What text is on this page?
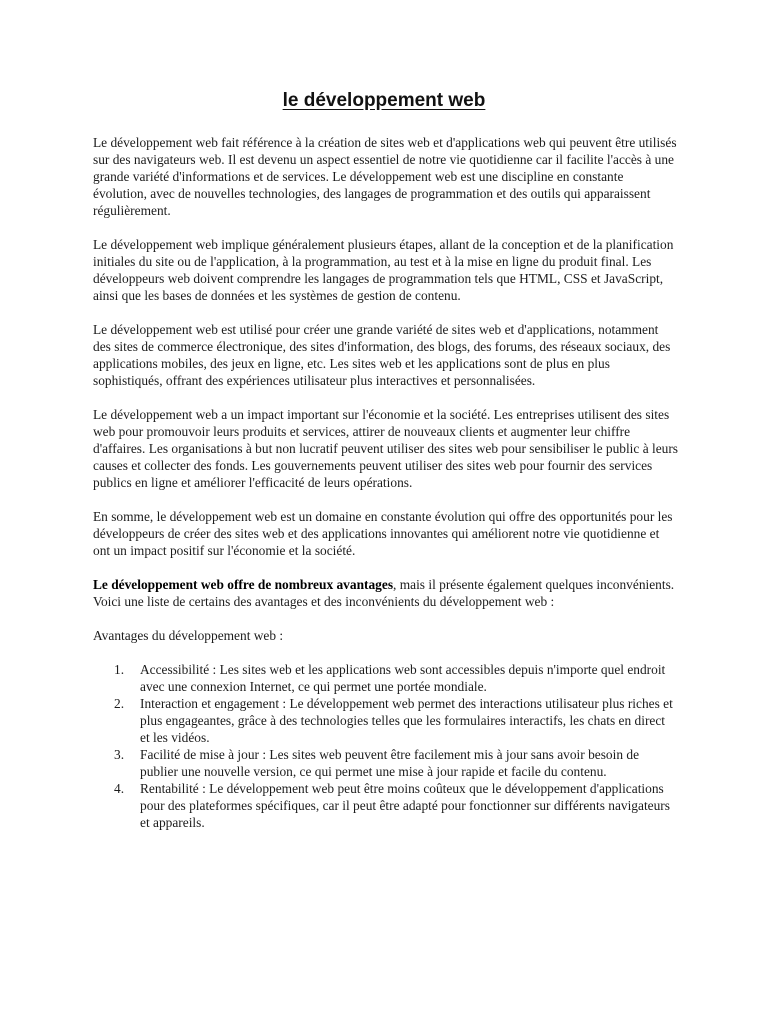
le développement web

Le développement web fait référence à la création de sites web et d'applications web qui peuvent être utilisés sur des navigateurs web. Il est devenu un aspect essentiel de notre vie quotidienne car il facilite l'accès à une grande variété d'informations et de services. Le développement web est une discipline en constante évolution, avec de nouvelles technologies, des langages de programmation et des outils qui apparaissent régulièrement.

Le développement web implique généralement plusieurs étapes, allant de la conception et de la planification initiales du site ou de l'application, à la programmation, au test et à la mise en ligne du produit final. Les développeurs web doivent comprendre les langages de programmation tels que HTML, CSS et JavaScript, ainsi que les bases de données et les systèmes de gestion de contenu.

Le développement web est utilisé pour créer une grande variété de sites web et d'applications, notamment des sites de commerce électronique, des sites d'information, des blogs, des forums, des réseaux sociaux, des applications mobiles, des jeux en ligne, etc. Les sites web et les applications sont de plus en plus sophistiqués, offrant des expériences utilisateur plus interactives et personnalisées.

Le développement web a un impact important sur l'économie et la société. Les entreprises utilisent des sites web pour promouvoir leurs produits et services, attirer de nouveaux clients et augmenter leur chiffre d'affaires. Les organisations à but non lucratif peuvent utiliser des sites web pour sensibiliser le public à leurs causes et collecter des fonds. Les gouvernements peuvent utiliser des sites web pour fournir des services publics en ligne et améliorer l'efficacité de leurs opérations.

En somme, le développement web est un domaine en constante évolution qui offre des opportunités pour les développeurs de créer des sites web et des applications innovantes qui améliorent notre vie quotidienne et ont un impact positif sur l'économie et la société.

Le développement web offre de nombreux avantages, mais il présente également quelques inconvénients. Voici une liste de certains des avantages et des inconvénients du développement web :

Avantages du développement web :

1. Accessibilité : Les sites web et les applications web sont accessibles depuis n'importe quel endroit avec une connexion Internet, ce qui permet une portée mondiale.
2. Interaction et engagement : Le développement web permet des interactions utilisateur plus riches et plus engageantes, grâce à des technologies telles que les formulaires interactifs, les chats en direct et les vidéos.
3. Facilité de mise à jour : Les sites web peuvent être facilement mis à jour sans avoir besoin de publier une nouvelle version, ce qui permet une mise à jour rapide et facile du contenu.
4. Rentabilité : Le développement web peut être moins coûteux que le développement d'applications pour des plateformes spécifiques, car il peut être adapté pour fonctionner sur différents navigateurs et appareils.
